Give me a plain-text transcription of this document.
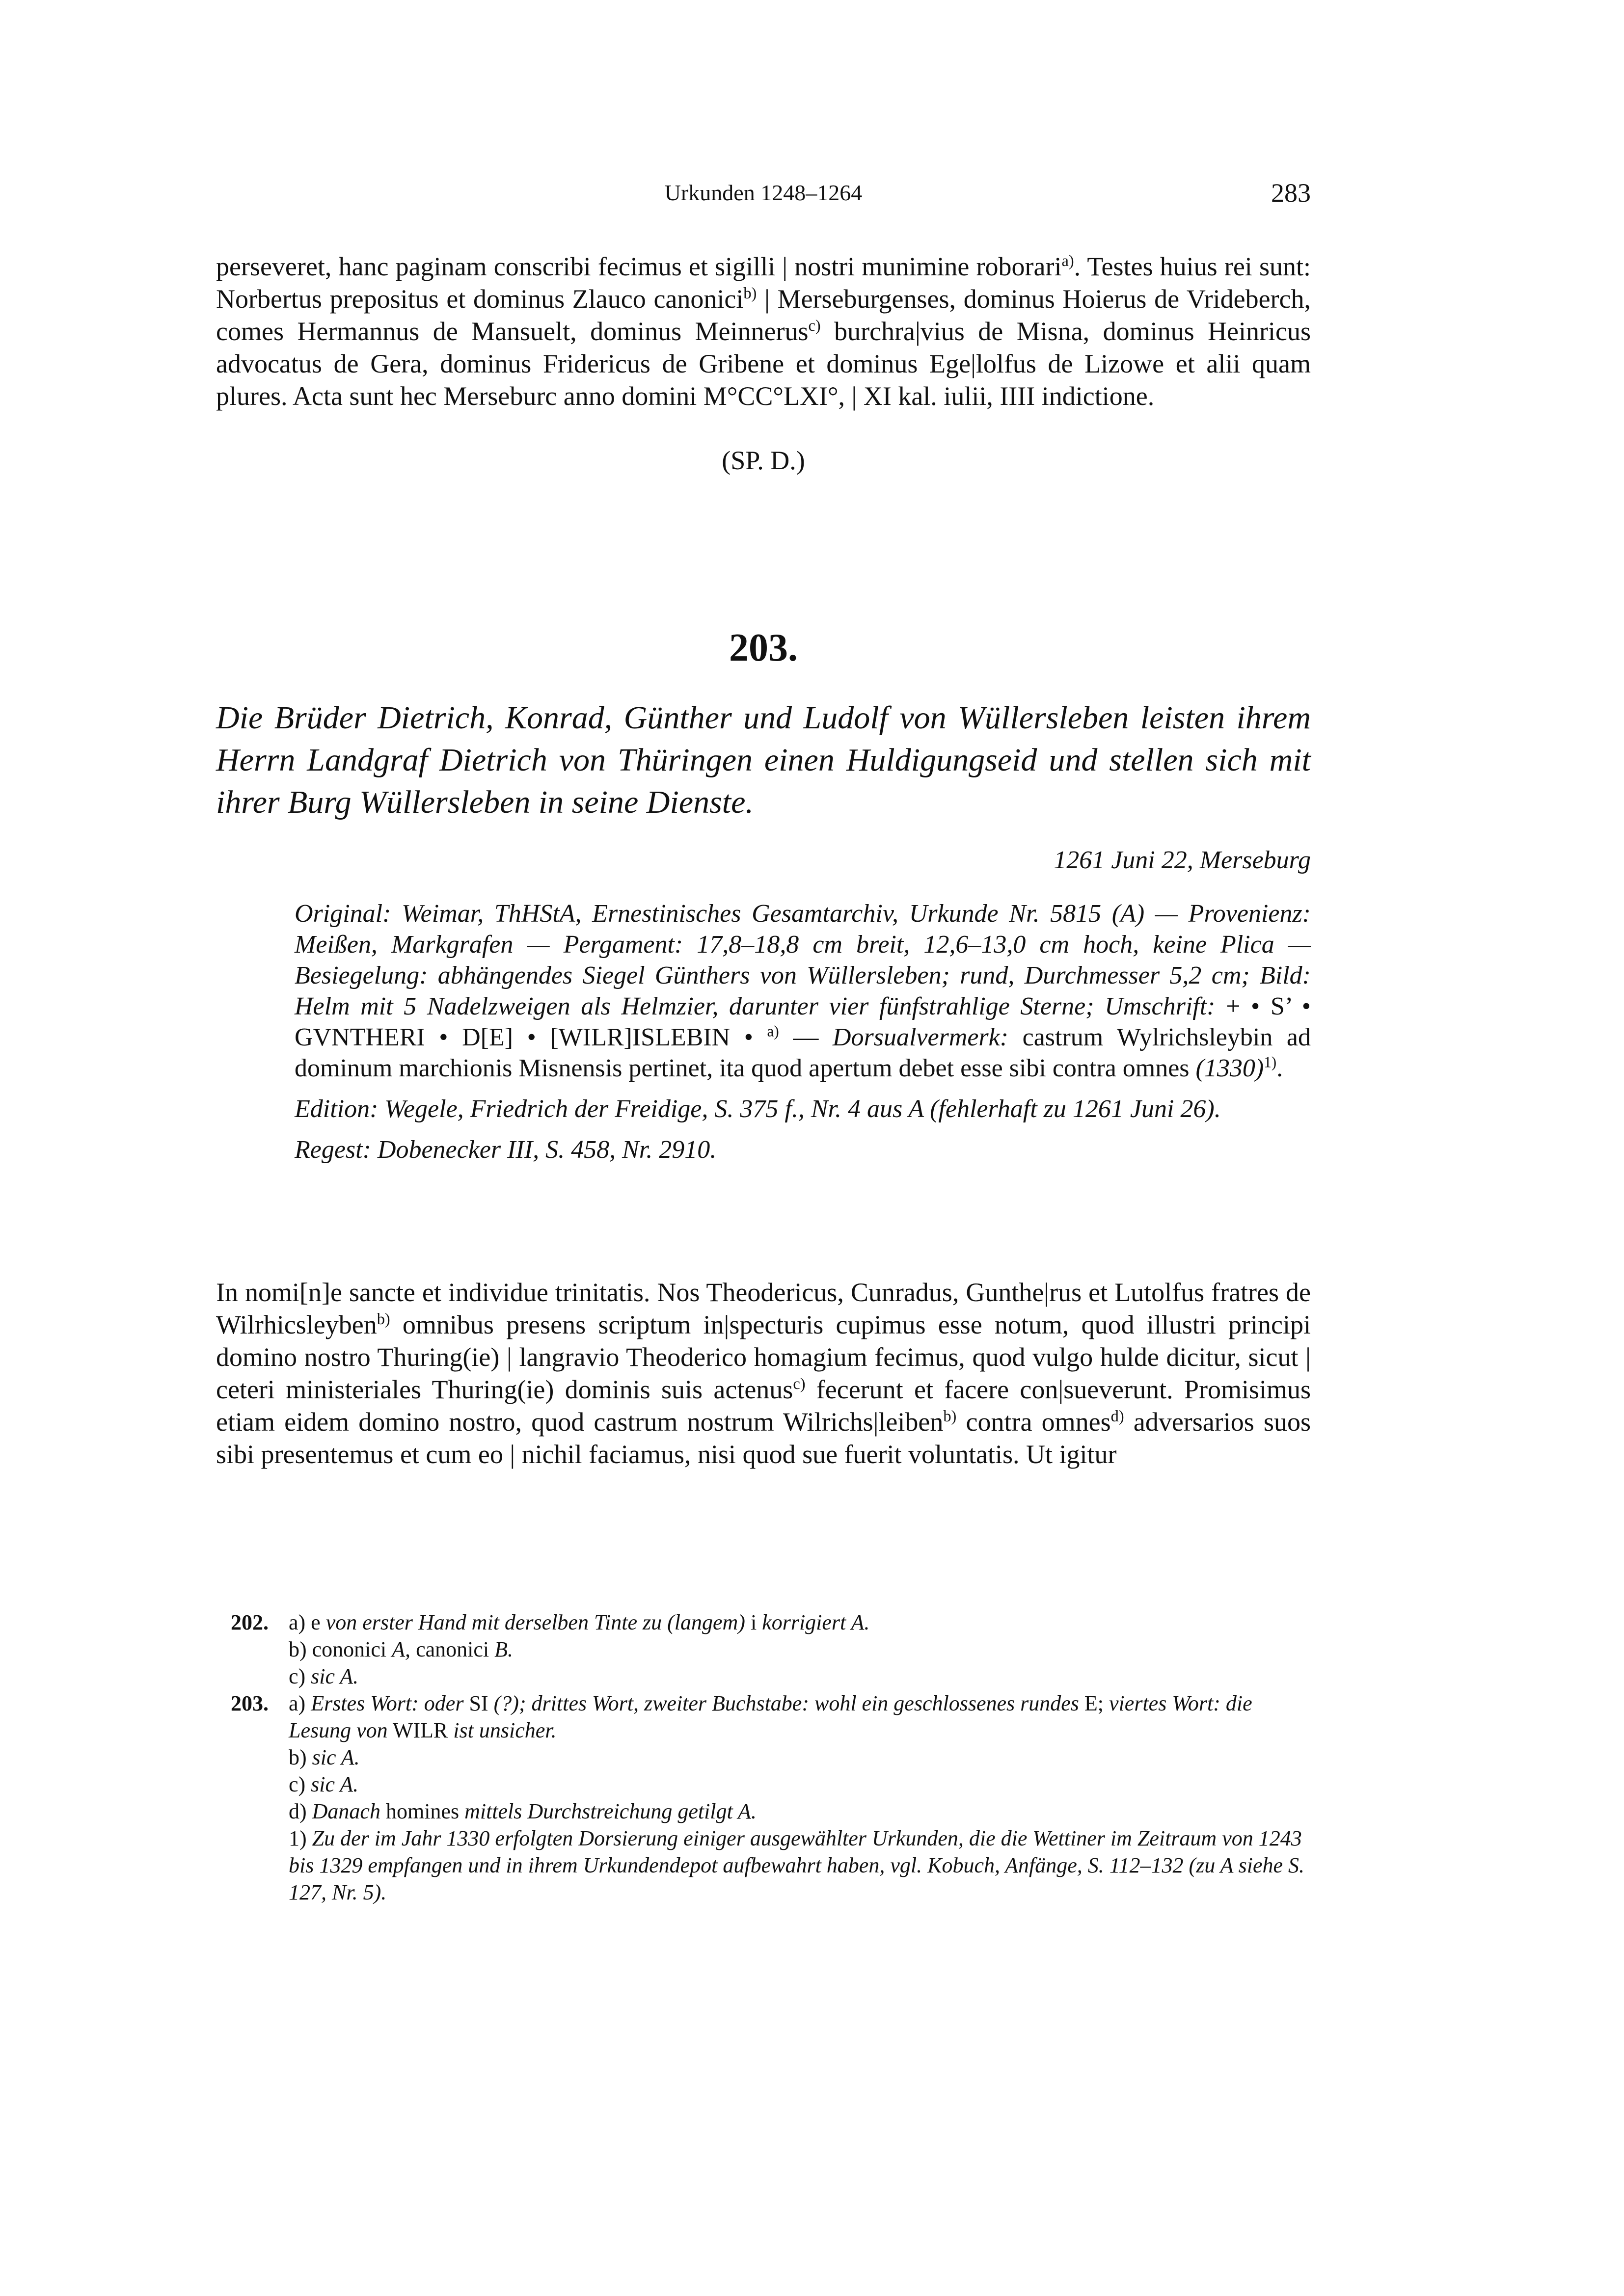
Urkunden 1248–1264	283
perseveret, hanc paginam conscribi fecimus et sigilli | nostri munimine roborari$^{a)}$. Testes huius rei sunt: Norbertus prepositus et dominus Zlauco canonici$^{b)}$ | Merseburgenses, dominus Hoierus de Vrideberch, comes Hermannus de Mansuelt, dominus Meinnerus$^{c)}$ burchra|vius de Misna, dominus Heinricus advocatus de Gera, dominus Fridericus de Gribene et dominus Ege|lolfus de Lizowe et alii quam plures. Acta sunt hec Merseburc anno domini M°CC°LXI°, | XI kal. iulii, IIII indictione.
(SP. D.)
203.
Die Brüder Dietrich, Konrad, Günther und Ludolf von Wüllersleben leisten ihrem Herrn Landgraf Dietrich von Thüringen einen Huldigungseid und stellen sich mit ihrer Burg Wüllersleben in seine Dienste.
1261 Juni 22, Merseburg

Original: Weimar, ThHStA, Ernestinisches Gesamtarchiv, Urkunde Nr. 5815 (A) — Provenienz: Meißen, Markgrafen — Pergament: 17,8–18,8 cm breit, 12,6–13,0 cm hoch, keine Plica — Besiegelung: abhängendes Siegel Günthers von Wüllersleben; rund, Durchmesser 5,2 cm; Bild: Helm mit 5 Nadelzweigen als Helmzier, darunter vier fünfstrahlige Sterne; Umschrift: + • S’ • GVNTHERI • D[E] • [WILR]ISLEBIN • $^{a)}$ — Dorsualvermerk: castrum Wylrichsleybin ad dominum marchionis Misnensis pertinet, ita quod apertum debet esse sibi contra omnes $(1330)^{1)}$.

Edition: Wegele, Friedrich der Freidige, S. 375 f., Nr. 4 aus A (fehlerhaft zu 1261 Juni 26).

Regest: Dobenecker III, S. 458, Nr. 2910.

In nomi[n]e sancte et individue trinitatis. Nos Theodericus, Cunradus, Gunthe|rus et Lutolfus fratres de Wilrhicsleyben$^{b)}$ omnibus presens scriptum in|specturis cupimus esse notum, quod illustri principi domino nostro Thuring(ie) | langravio Theoderico homagium fecimus, quod vulgo hulde dicitur, sicut | ceteri ministeriales Thuring(ie) dominis suis actenus$^{c)}$ fecerunt et facere con|sueverunt. Promisimus etiam eidem domino nostro, quod castrum nostrum Wilrichs|leiben$^{b)}$ contra omnes$^{d)}$ adversarios suos sibi presentemus et cum eo | nichil faciamus, nisi quod sue fuerit voluntatis. Ut igitur
202. a) e von erster Hand mit derselben Tinte zu (langem) i korrigiert A.

b) cononici A, canonici B.

c) sic A.

203. a) Erstes Wort: oder SI (?); drittes Wort, zweiter Buchstabe: wohl ein geschlossenes rundes E; viertes Wort: die Lesung von WILR ist unsicher.

b) sic A.

c) sic A.

d) Danach homines mittels Durchstreichung getilgt A.

1) Zu der im Jahr 1330 erfolgten Dorsierung einiger ausgewählter Urkunden, die die Wettiner im Zeitraum von 1243 bis 1329 empfangen und in ihrem Urkundendepot aufbewahrt haben, vgl. Kobuch, Anfänge, S. 112–132 (zu A siehe S. 127, Nr. 5).
